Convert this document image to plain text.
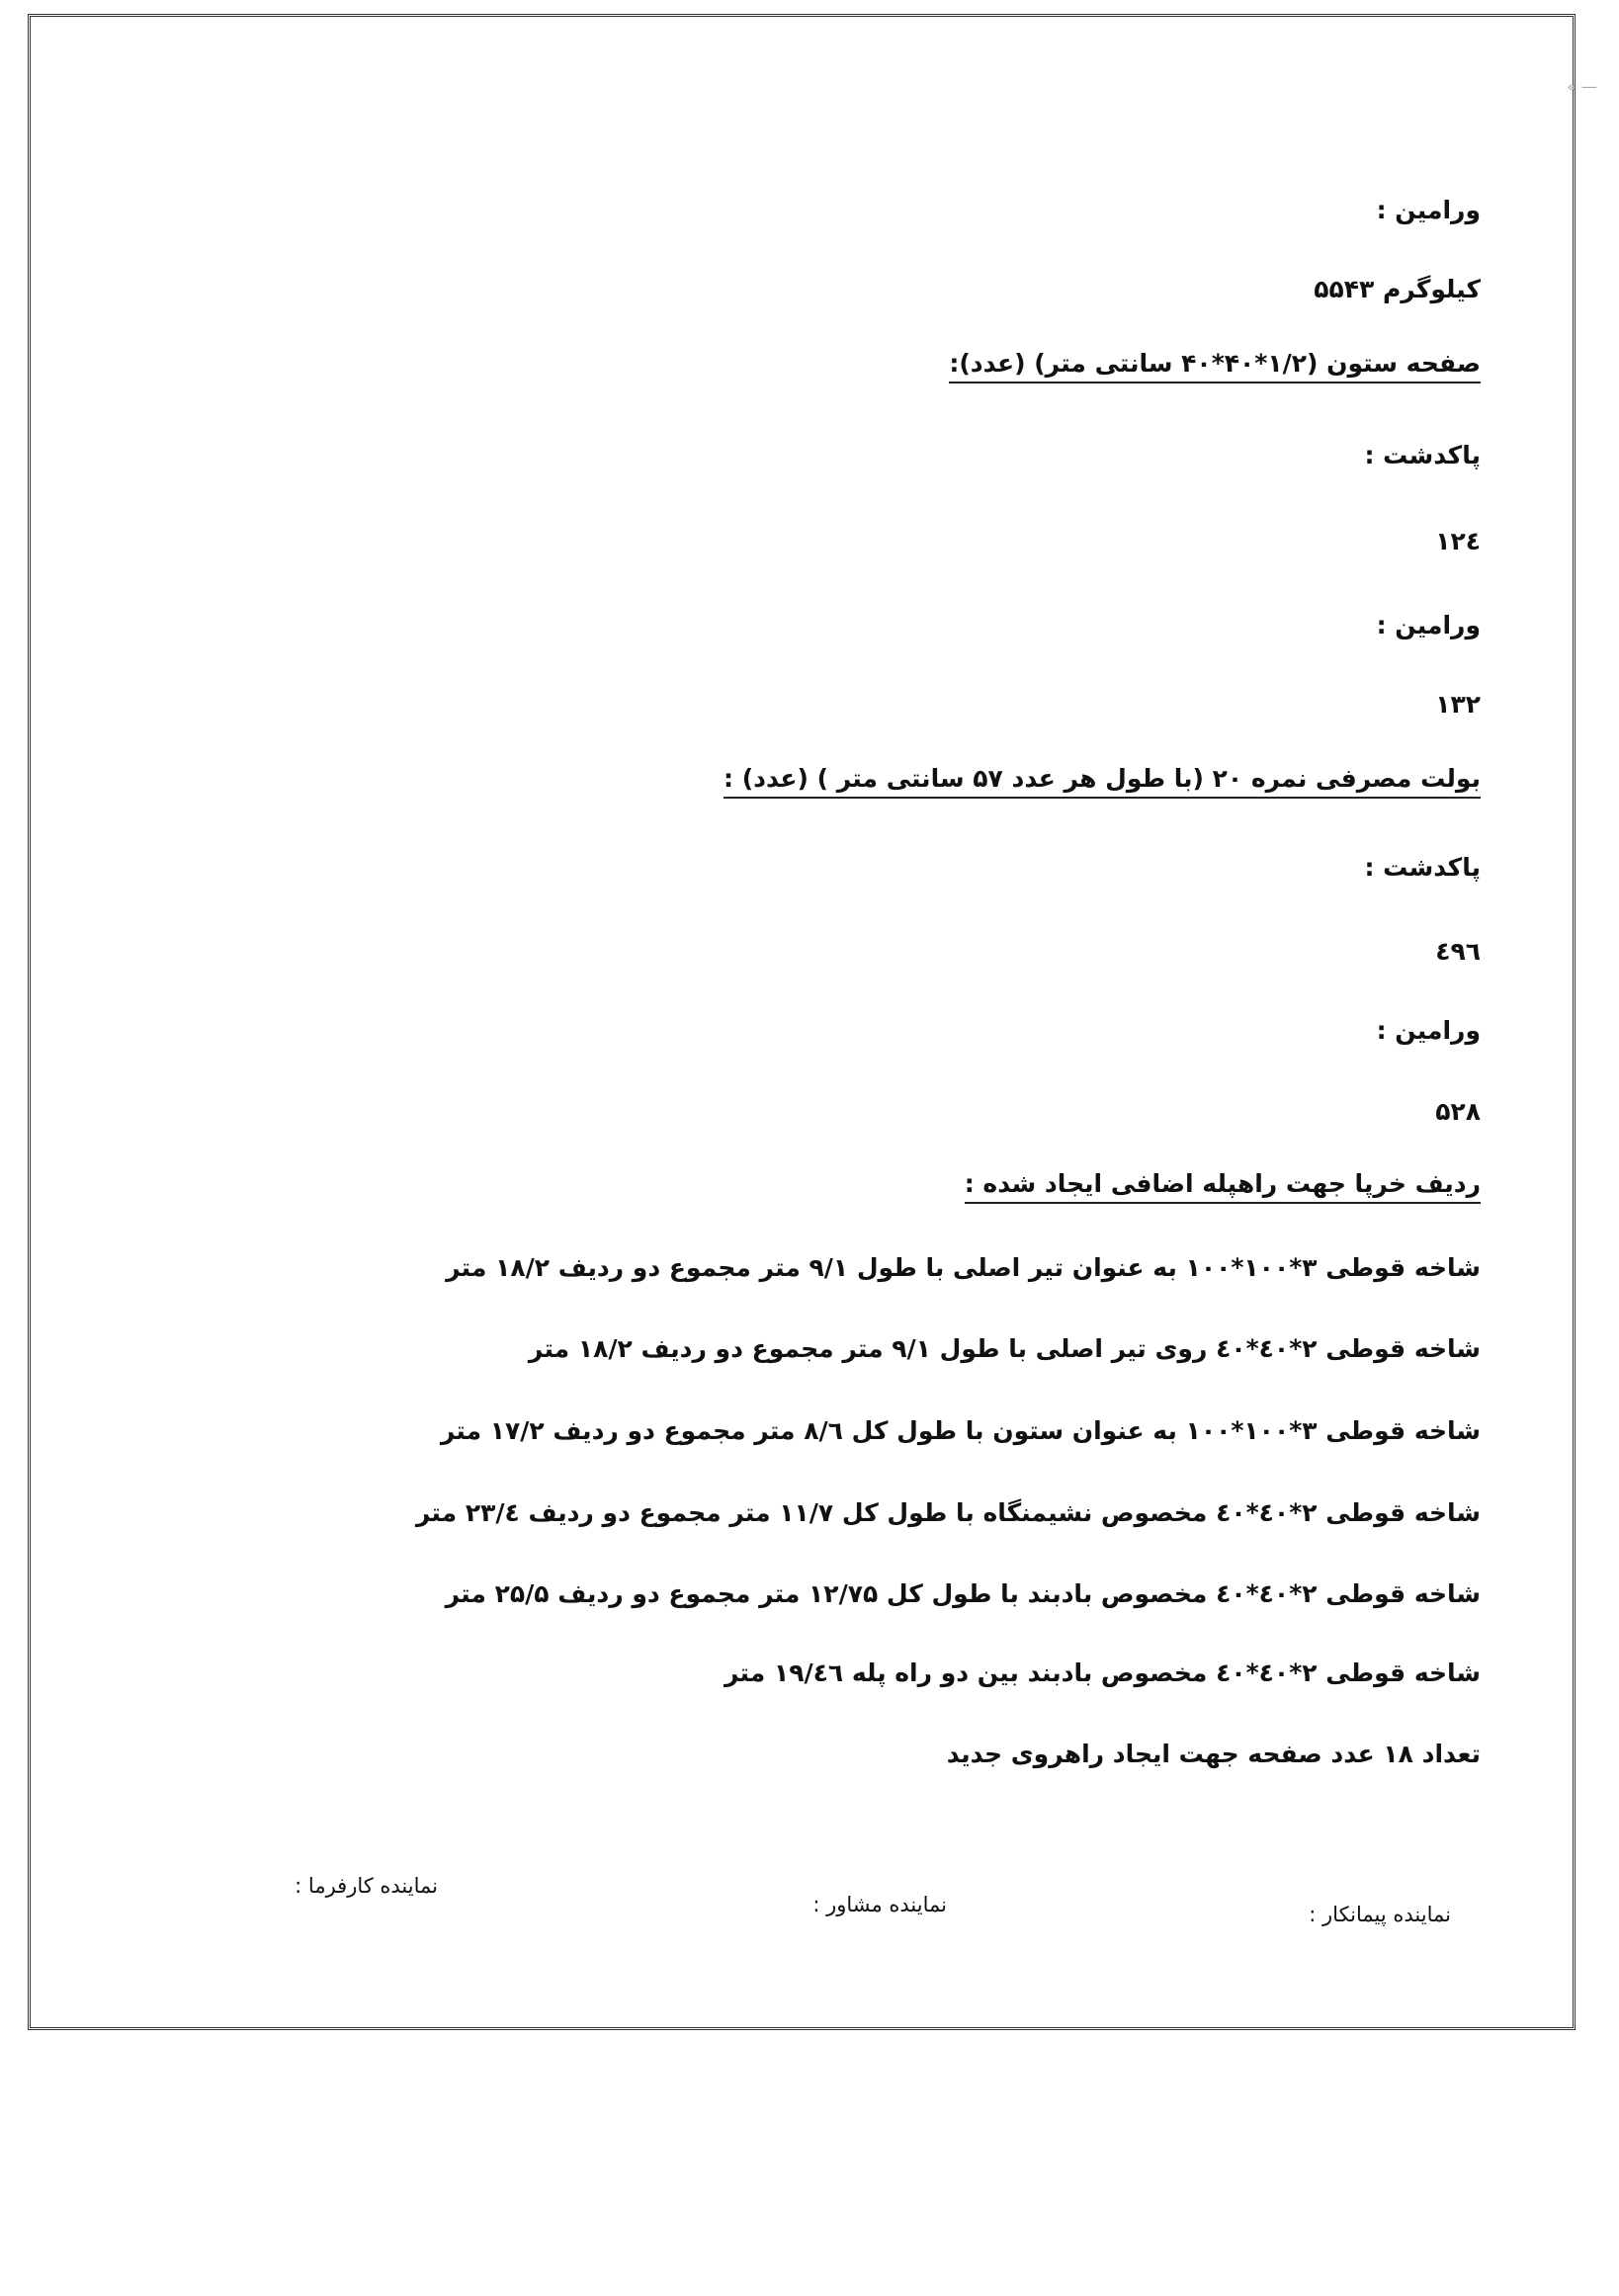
« —
ورامین :
کیلوگرم ۵۵۴۳
صفحه ستون (۱/۲*۴۰*۴۰ سانتی متر) (عدد):
پاکدشت :
۱۲٤
ورامین :
۱۳۲
بولت مصرفی نمره ۲۰ (با طول هر عدد ۵۷ سانتی متر ) (عدد) :
پاکدشت :
٤۹٦
ورامین :
۵۲۸
ردیف خرپا جهت راهپله اضافی ایجاد شده :
شاخه قوطی ۳*۱۰۰*۱۰۰ به عنوان تیر اصلی با طول ۹/۱ متر مجموع دو ردیف ۱۸/۲ متر
شاخه قوطی ۲*٤۰*٤۰ روی تیر اصلی با طول ۹/۱ متر مجموع دو ردیف ۱۸/۲ متر
شاخه قوطی ۳*۱۰۰*۱۰۰ به عنوان ستون با طول کل ۸/٦ متر مجموع دو ردیف ۱۷/۲ متر
شاخه قوطی ۲*٤۰*٤۰ مخصوص نشیمنگاه با طول کل ۱۱/۷ متر مجموع دو ردیف ۲۳/٤ متر
شاخه قوطی ۲*٤۰*٤۰ مخصوص بادبند با طول کل ۱۲/۷۵ متر مجموع دو ردیف ۲۵/۵ متر
شاخه قوطی ۲*٤۰*٤۰ مخصوص بادبند بین دو راه پله ۱۹/٤٦ متر
تعداد ۱۸ عدد صفحه جهت ایجاد راهروی جدید
نماینده پیمانکار :
نماینده مشاور :
نماینده کارفرما :
